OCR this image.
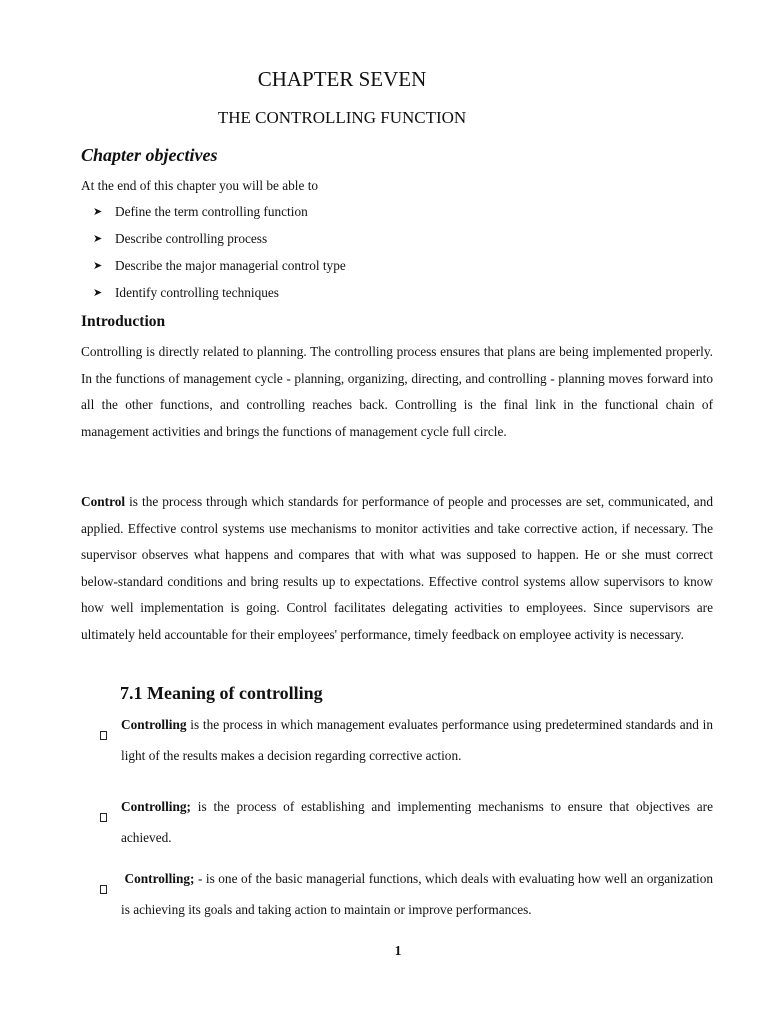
CHAPTER SEVEN
THE CONTROLLING FUNCTION
Chapter objectives
At the end of this chapter you will be able to
➤ Define the term controlling function
➤ Describe controlling process
➤ Describe the major managerial control type
➤ Identify controlling techniques
Introduction

Controlling is directly related to planning. The controlling process ensures that plans are being implemented properly. In the functions of management cycle - planning, organizing, directing, and controlling - planning moves forward into all the other functions, and controlling reaches back. Controlling is the final link in the functional chain of management activities and brings the functions of management cycle full circle.

Control is the process through which standards for performance of people and processes are set, communicated, and applied. Effective control systems use mechanisms to monitor activities and take corrective action, if necessary. The supervisor observes what happens and compares that with what was supposed to happen. He or she must correct below-standard conditions and bring results up to expectations. Effective control systems allow supervisors to know how well implementation is going. Control facilitates delegating activities to employees. Since supervisors are ultimately held accountable for their employees' performance, timely feedback on employee activity is necessary.

7.1 Meaning of controlling

Controlling is the process in which management evaluates performance using predetermined standards and in light of the results makes a decision regarding corrective action.

Controlling; is the process of establishing and implementing mechanisms to ensure that objectives are achieved.

Controlling; - is one of the basic managerial functions, which deals with evaluating how well an organization is achieving its goals and taking action to maintain or improve performances.

1
